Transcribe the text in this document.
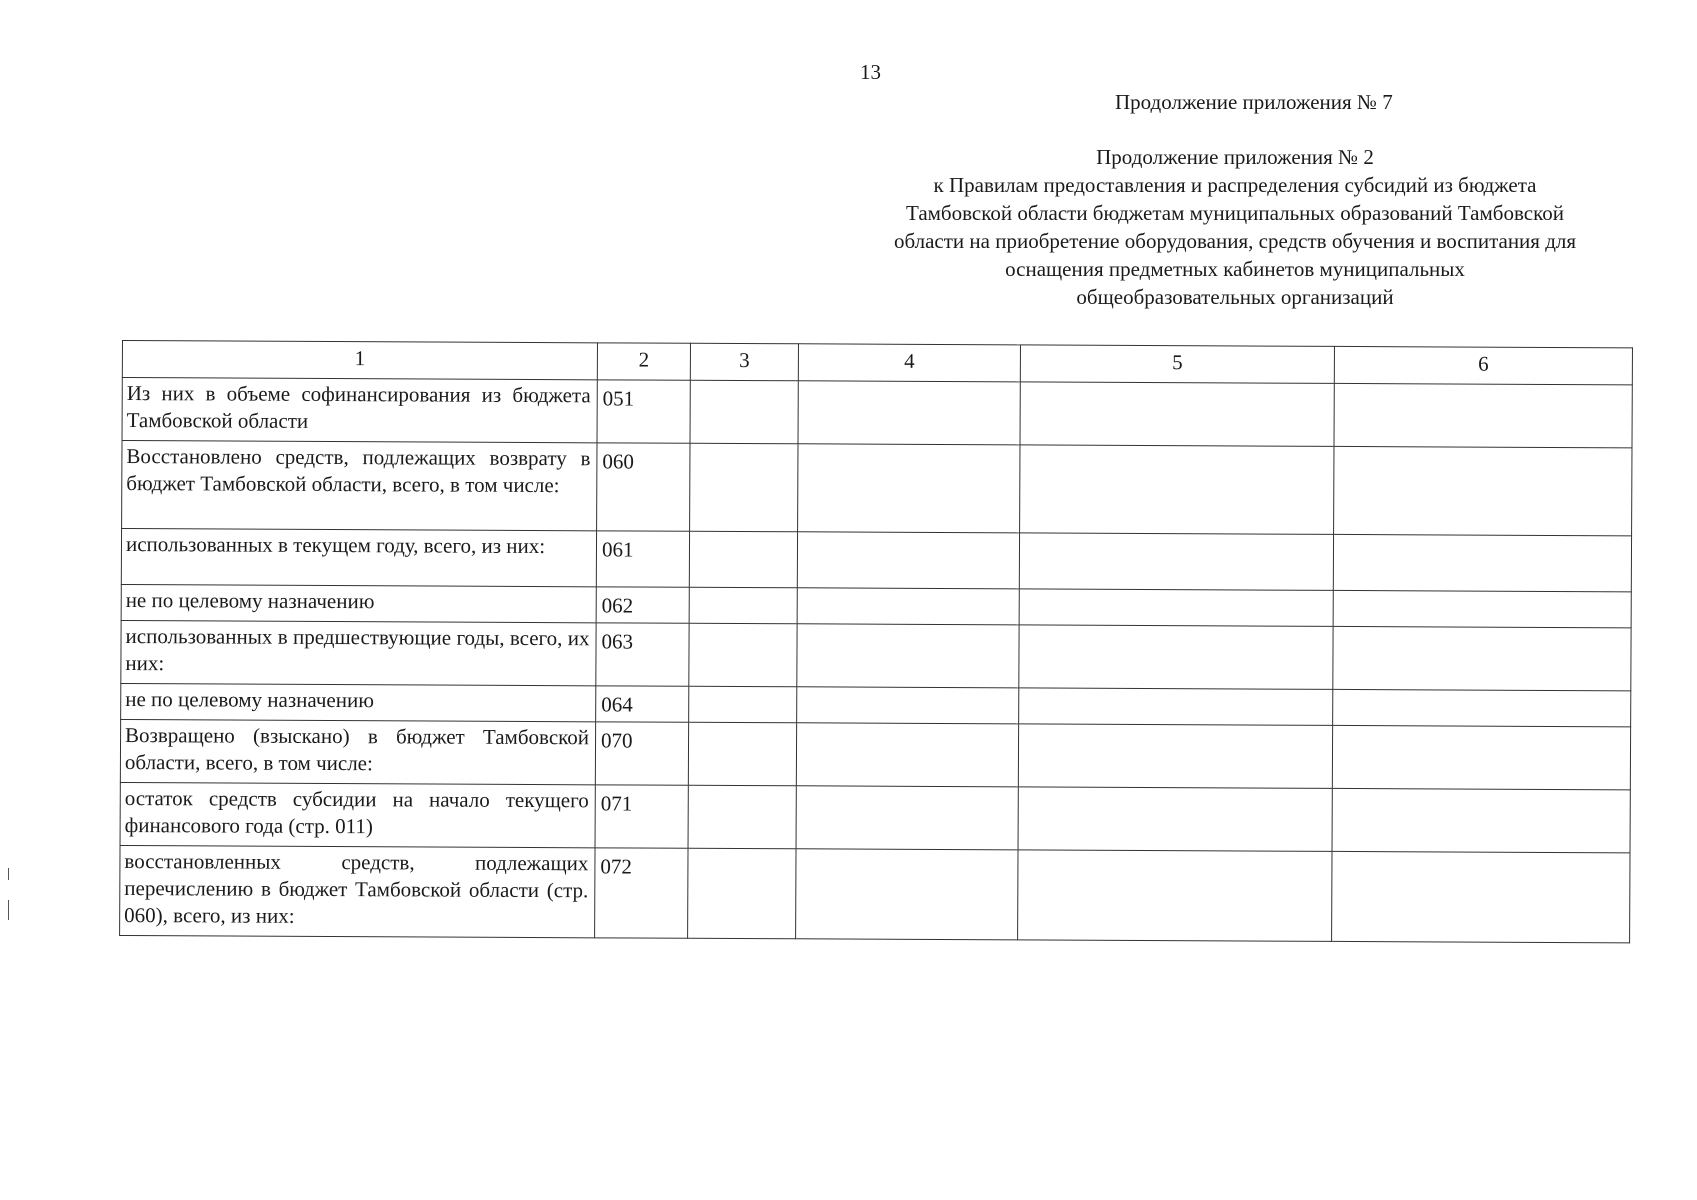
13
Продолжение приложения № 7
Продолжение приложения № 2
к Правилам предоставления и распределения субсидий из бюджета
Тамбовской области бюджетам муниципальных образований Тамбовской
области на приобретение оборудования, средств обучения и воспитания для
оснащения предметных кабинетов муниципальных
общеобразовательных организаций
1	2	3	4	5	6
Из них в объеме софинансирования из бюджета Тамбовской области	051				
Восстановлено средств, подлежащих возврату в бюджет Тамбовской области, всего, в том числе:	060				
использованных в текущем году, всего, из них:	061				
не по целевому назначению	062				
использованных в предшествующие годы, всего, их них:	063				
не по целевому назначению	064				
Возвращено (взыскано) в бюджет Тамбовской области, всего, в том числе:	070				
остаток средств субсидии на начало текущего финансового года (стр. 011)	071				
восстановленных средств, подлежащих перечислению в бюджет Тамбовской области (стр. 060), всего, из них:	072				
